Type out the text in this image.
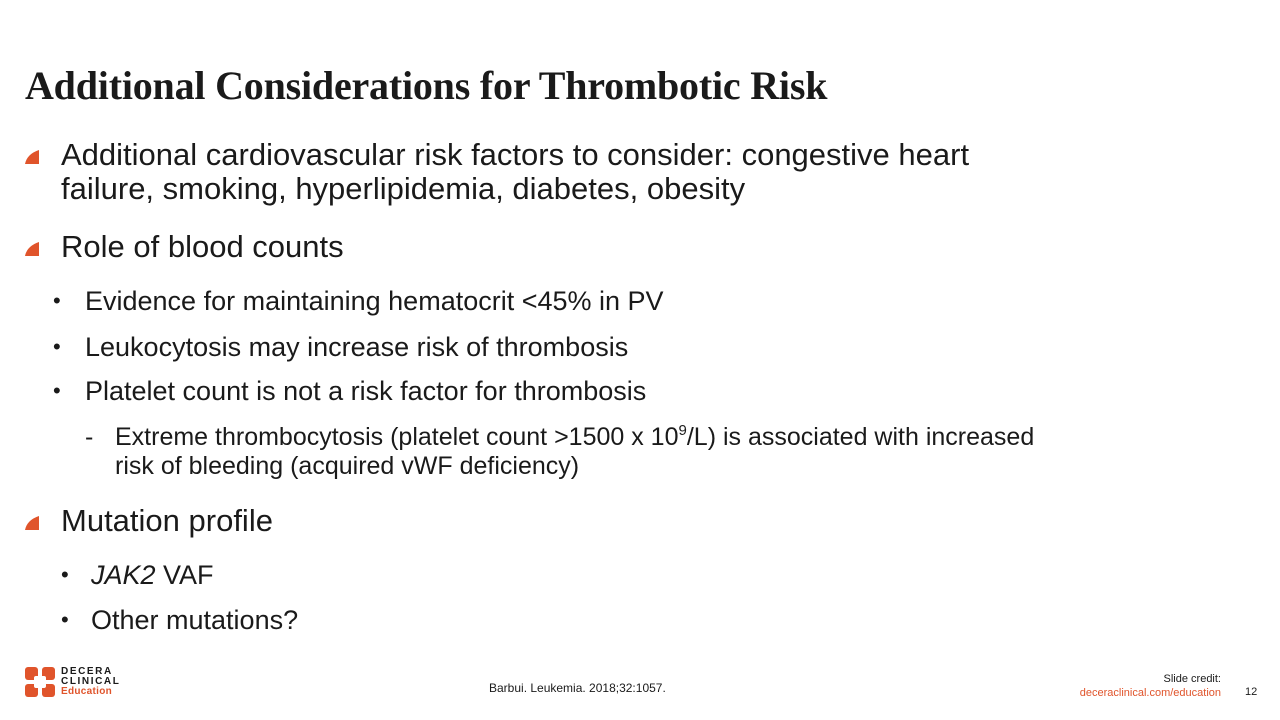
Additional Considerations for Thrombotic Risk
Additional cardiovascular risk factors to consider: congestive heart
failure, smoking, hyperlipidemia, diabetes, obesity
Role of blood counts
• Evidence for maintaining hematocrit <45% in PV
• Leukocytosis may increase risk of thrombosis
• Platelet count is not a risk factor for thrombosis
- Extreme thrombocytosis (platelet count >1500 x $10^9/L$) is associated with increased
risk of bleeding (acquired vWF deficiency)
Mutation profile
• JAK2 VAF
• Other mutations?
DECERA
CLINICAL
Education	Barbui. Leukemia. 2018;32:1057.
Slide credit:
deceraclinical.com/education 12
